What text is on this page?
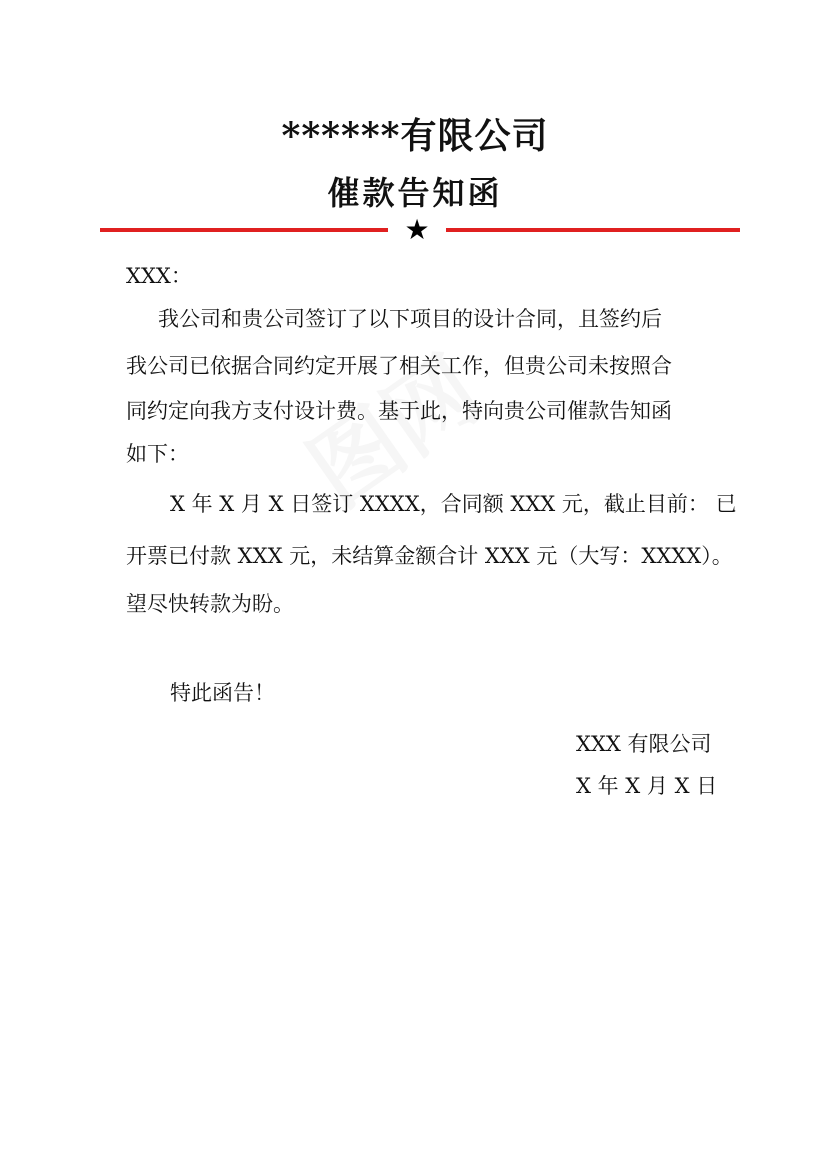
******有限公司
催款告知函
★
XXX：
我公司和贵公司签订了以下项目的设计合同，且签约后
我公司已依据合同约定开展了相关工作，但贵公司未按照合
同约定向我方支付设计费。基于此，特向贵公司催款告知函
如下：
X 年 X 月 X 日签订 XXXX，合同额 XXX 元，截止目前： 已
开票已付款 XXX 元，未结算金额合计 XXX 元（大写：XXXX）。
望尽快转款为盼。
特此函告！
XXX 有限公司
X 年 X 月 X 日
